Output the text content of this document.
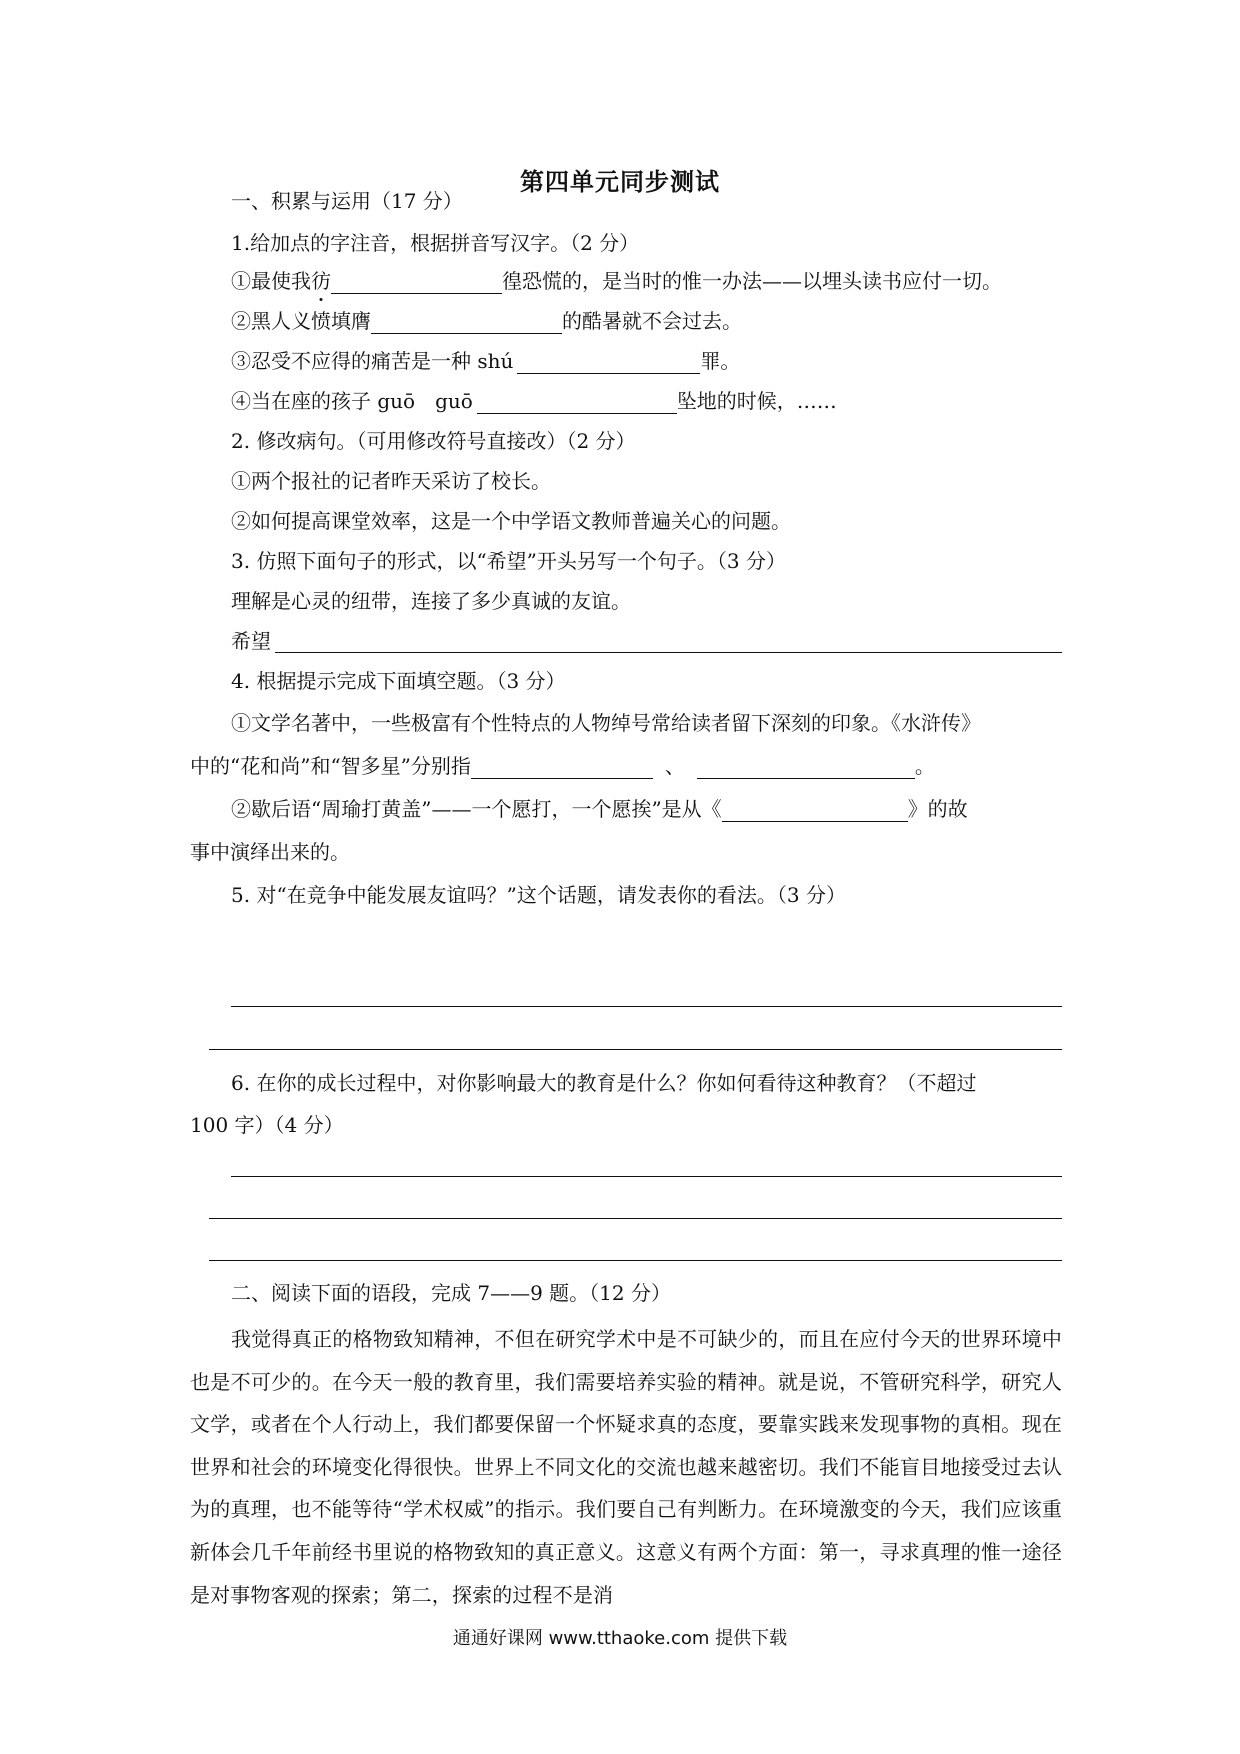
第四单元同步测试
一、积累与运用（17 分）
1.给加点的字注音，根据拼音写汉字。（2 分）
①最使我彷	徨恐慌的，是当时的惟一办法——以埋头读书应付一切。
②黑人义愤填膺	的酷暑就不会过去。
③忍受不应得的痛苦是一种 shú	罪。
④当在座的孩子 guō　guō	坠地的时候，……
2. 修改病句。（可用修改符号直接改）（2 分）
①两个报社的记者昨天采访了校长。
②如何提高课堂效率，这是一个中学语文教师普遍关心的问题。
3. 仿照下面句子的形式，以“希望”开头另写一个句子。（3 分）
理解是心灵的纽带，连接了多少真诚的友谊。
希望
4. 根据提示完成下面填空题。（3 分）
①文学名著中，一些极富有个性特点的人物绰号常给读者留下深刻的印象。《水浒传》
中的“花和尚”和“智多星”分别指	、	。
②歇后语“周瑜打黄盖”——一个愿打，一个愿挨”是从《	》的故
事中演绎出来的。
5. 对“在竞争中能发展友谊吗？”这个话题，请发表你的看法。（3 分）
6. 在你的成长过程中，对你影响最大的教育是什么？你如何看待这种教育？（不超过
100 字）（4 分）
二、阅读下面的语段，完成 7——9 题。（12 分）
我觉得真正的格物致知精神，不但在研究学术中是不可缺少的，而且在应付今天的世界环境中也是不可少的。在今天一般的教育里，我们需要培养实验的精神。就是说，不管研究科学，研究人文学，或者在个人行动上，我们都要保留一个怀疑求真的态度，要靠实践来发现事物的真相。现在世界和社会的环境变化得很快。世界上不同文化的交流也越来越密切。我们不能盲目地接受过去认为的真理，也不能等待“学术权威”的指示。我们要自己有判断力。在环境激变的今天，我们应该重新体会几千年前经书里说的格物致知的真正意义。这意义有两个方面：第一，寻求真理的惟一途径是对事物客观的探索；第二，探索的过程不是消
通通好课网 www.tthaoke.com 提供下载
